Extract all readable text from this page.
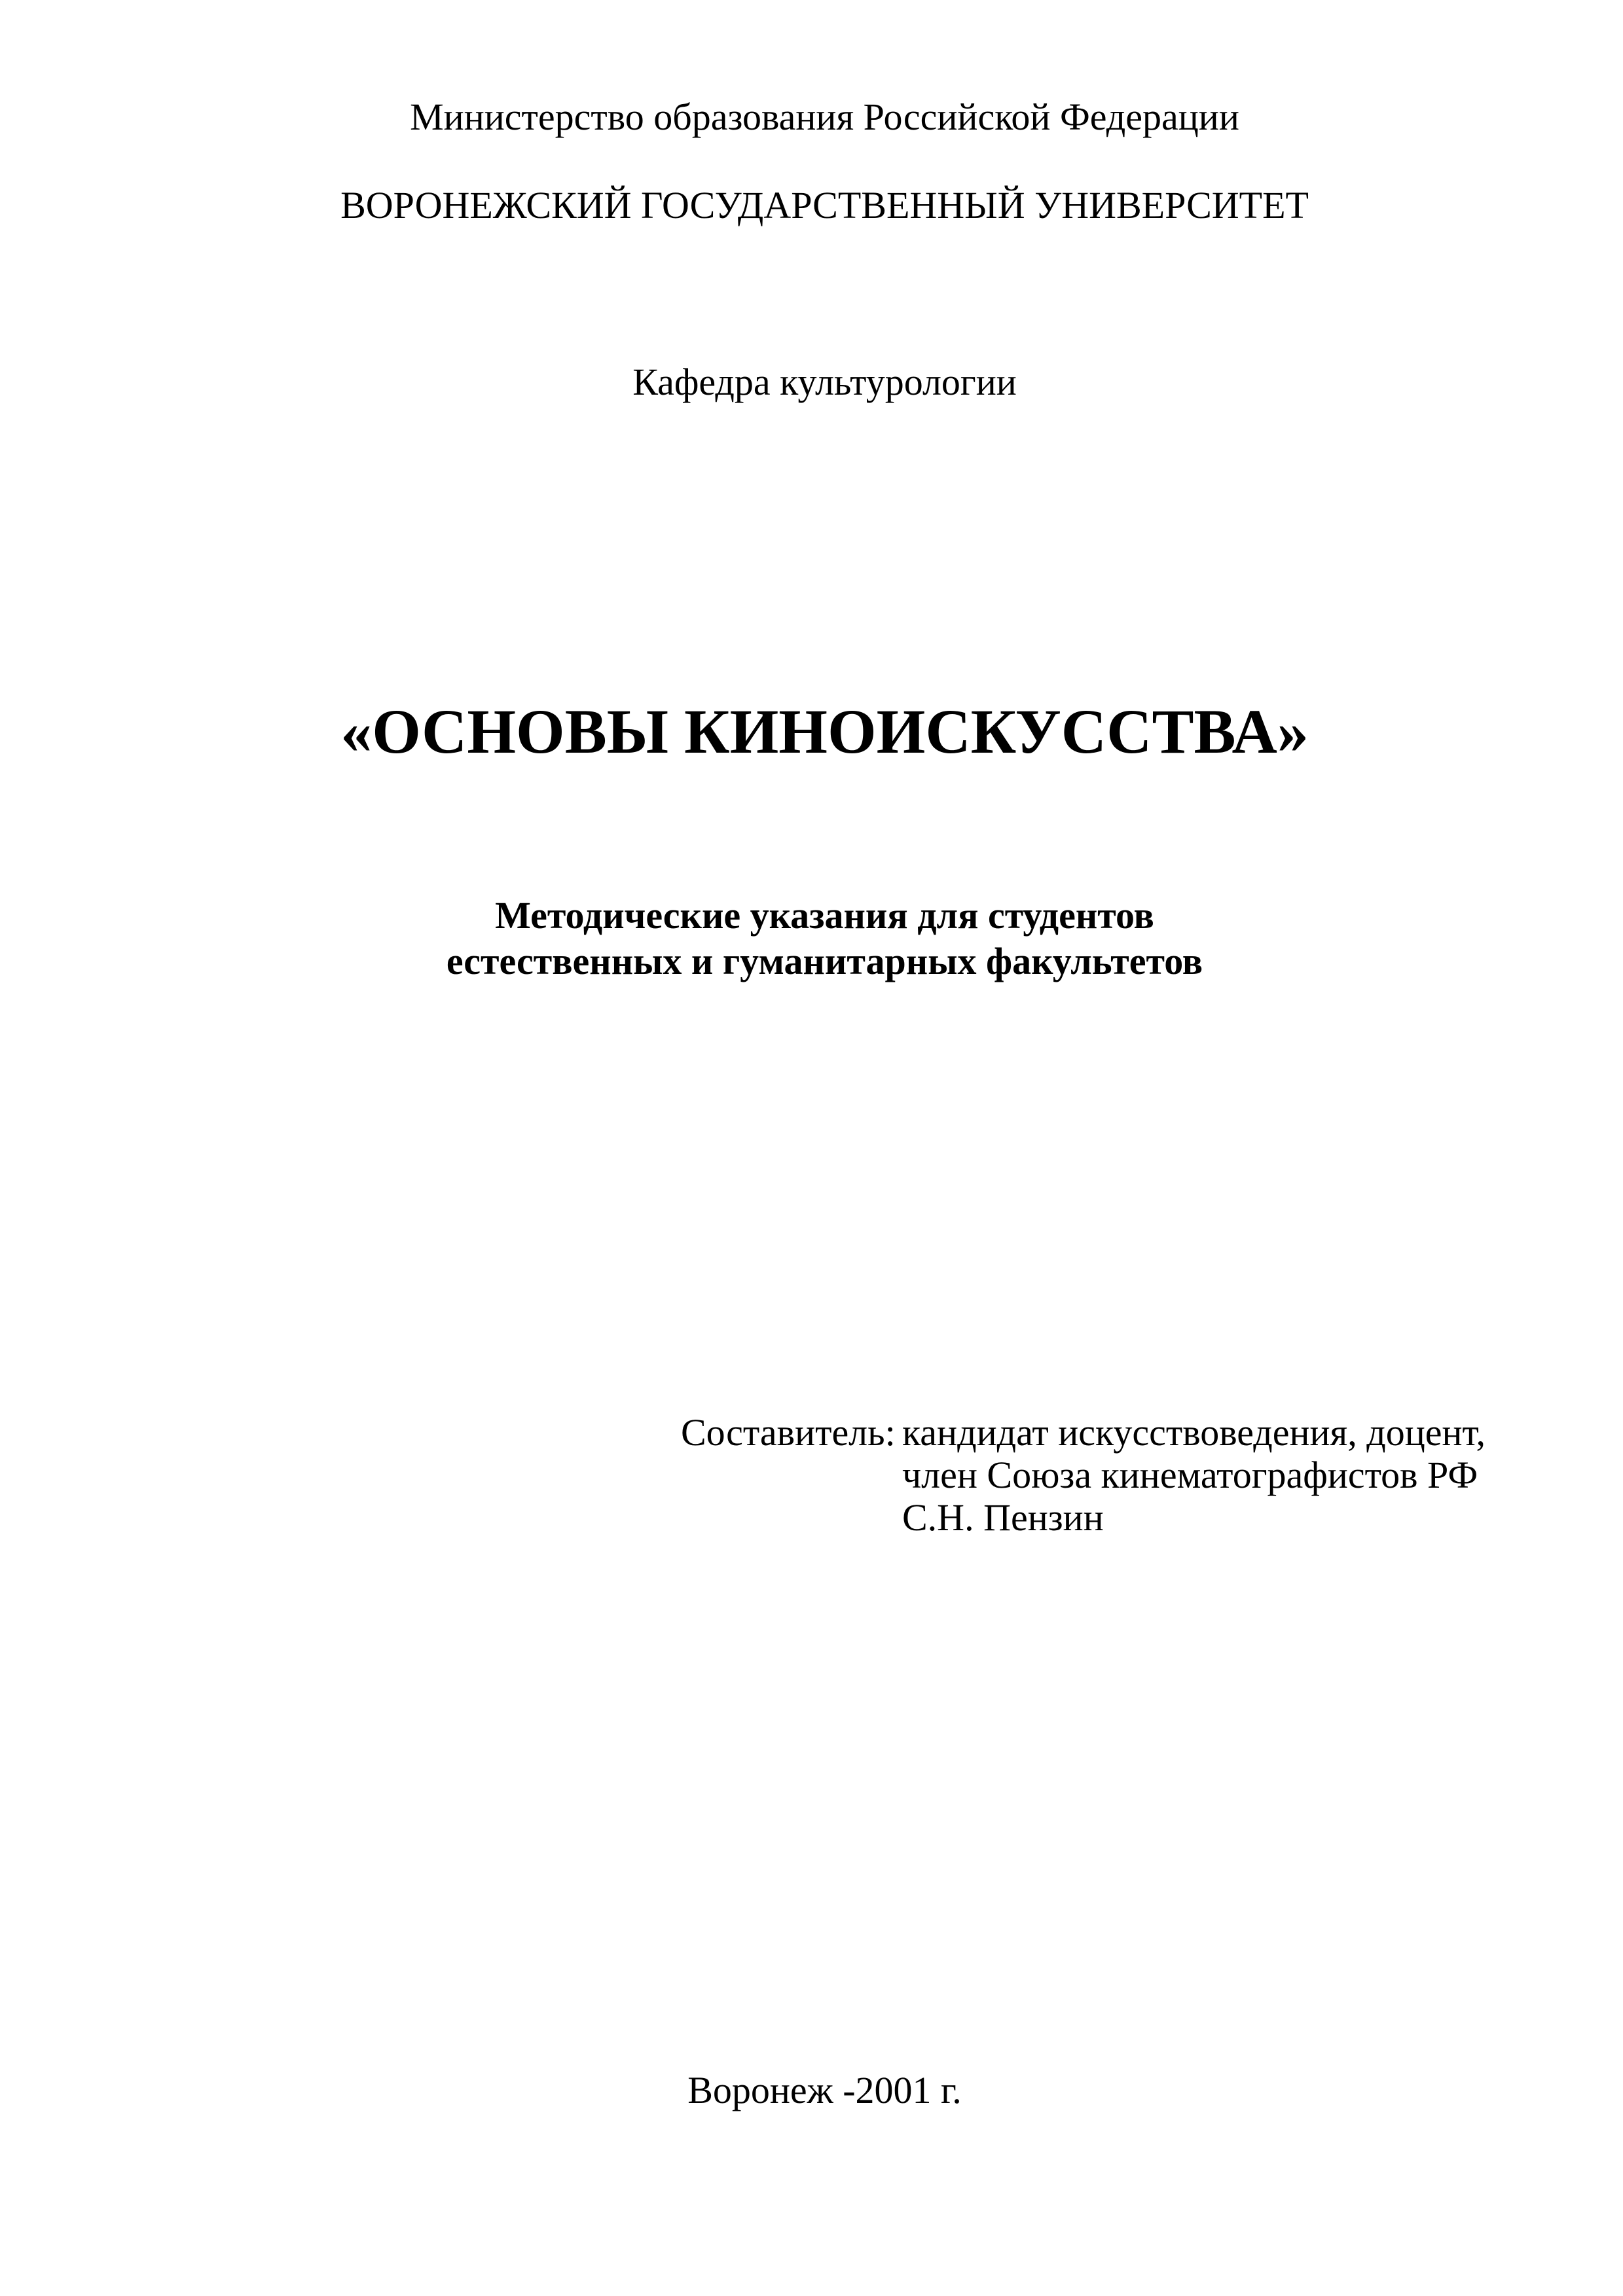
Министерство образования Российской Федерации
ВОРОНЕЖСКИЙ ГОСУДАРСТВЕННЫЙ УНИВЕРСИТЕТ
Кафедра культурологии
«ОСНОВЫ КИНОИСКУССТВА»
Методические указания для студентов
естественных и гуманитарных факультетов
Составитель: кандидат искусствоведения, доцент,
член Союза кинематографистов РФ
С.Н. Пензин
Воронеж -2001 г.
